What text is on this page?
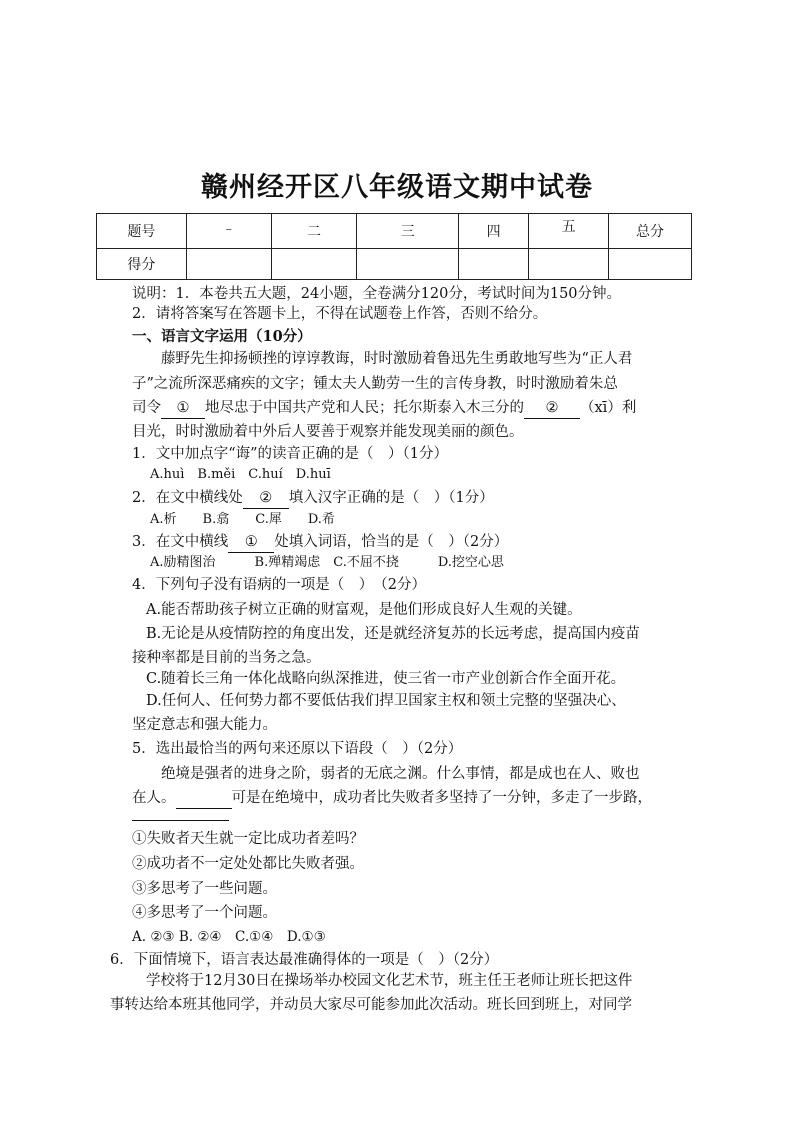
赣州经开区八年级语文期中试卷
题号	﹣	二	三	四	五	总分
得分						
说明：1．本卷共五大题，24小题，全卷满分120分，考试时间为150分钟。
2．请将答案写在答题卡上，不得在试题卷上作答，否则不给分。
一、语言文字运用（10分）
藤野先生抑扬顿挫的谆谆教诲，时时激励着鲁迅先生勇敢地写些为“正人君
子”之流所深恶痛疾的文字；锺太夫人勤劳一生的言传身教，时时激励着朱总
司令 ① 地尽忠于中国共产党和人民；托尔斯泰入木三分的 ② （xī）利
目光，时时激励着中外后人要善于观察并能发现美丽的颜色。
1．文中加点字“诲”的读音正确的是（　）（1分）
A.huì　B.měi　C.huí　D.huī
2．在文中横线处 ② 填入汉字正确的是（　）（1分）
A.析　　B.翕　　C.犀　　D.希
3．在文中横线 ① 处填入词语，恰当的是（　）（2分）
A.励精图治　　　B.殚精竭虑　C.不屈不挠　　　D.挖空心思
4．下列句子没有语病的一项是（　）　（2分）
A.能否帮助孩子树立正确的财富观，是他们形成良好人生观的关键。
B.无论是从疫情防控的角度出发，还是就经济复苏的长远考虑，提高国内疫苗
接种率都是目前的当务之急。
C.随着长三角一体化战略向纵深推进，使三省一市产业创新合作全面开花。
D.任何人、任何势力都不要低估我们捍卫国家主权和领土完整的坚强决心、
坚定意志和强大能力。
5．选出最恰当的两句来还原以下语段（　）（2分）
绝境是强者的进身之阶，弱者的无底之渊。什么事情，都是成也在人、败也
在人。	可是在绝境中，成功者比失败者多坚持了一分钟，多走了一步路，
①失败者天生就一定比成功者差吗？
②成功者不一定处处都比失败者强。
③多思考了一些问题。
④多思考了一个问题。
A. ②③ B. ②④　C.①④　D.①③
6．下面情境下，语言表达最准确得体的一项是（　）（2分）
学校将于12月30日在操场举办校园文化艺术节，班主任王老师让班长把这件
事转达给本班其他同学，并动员大家尽可能参加此次活动。班长回到班上，对同学
